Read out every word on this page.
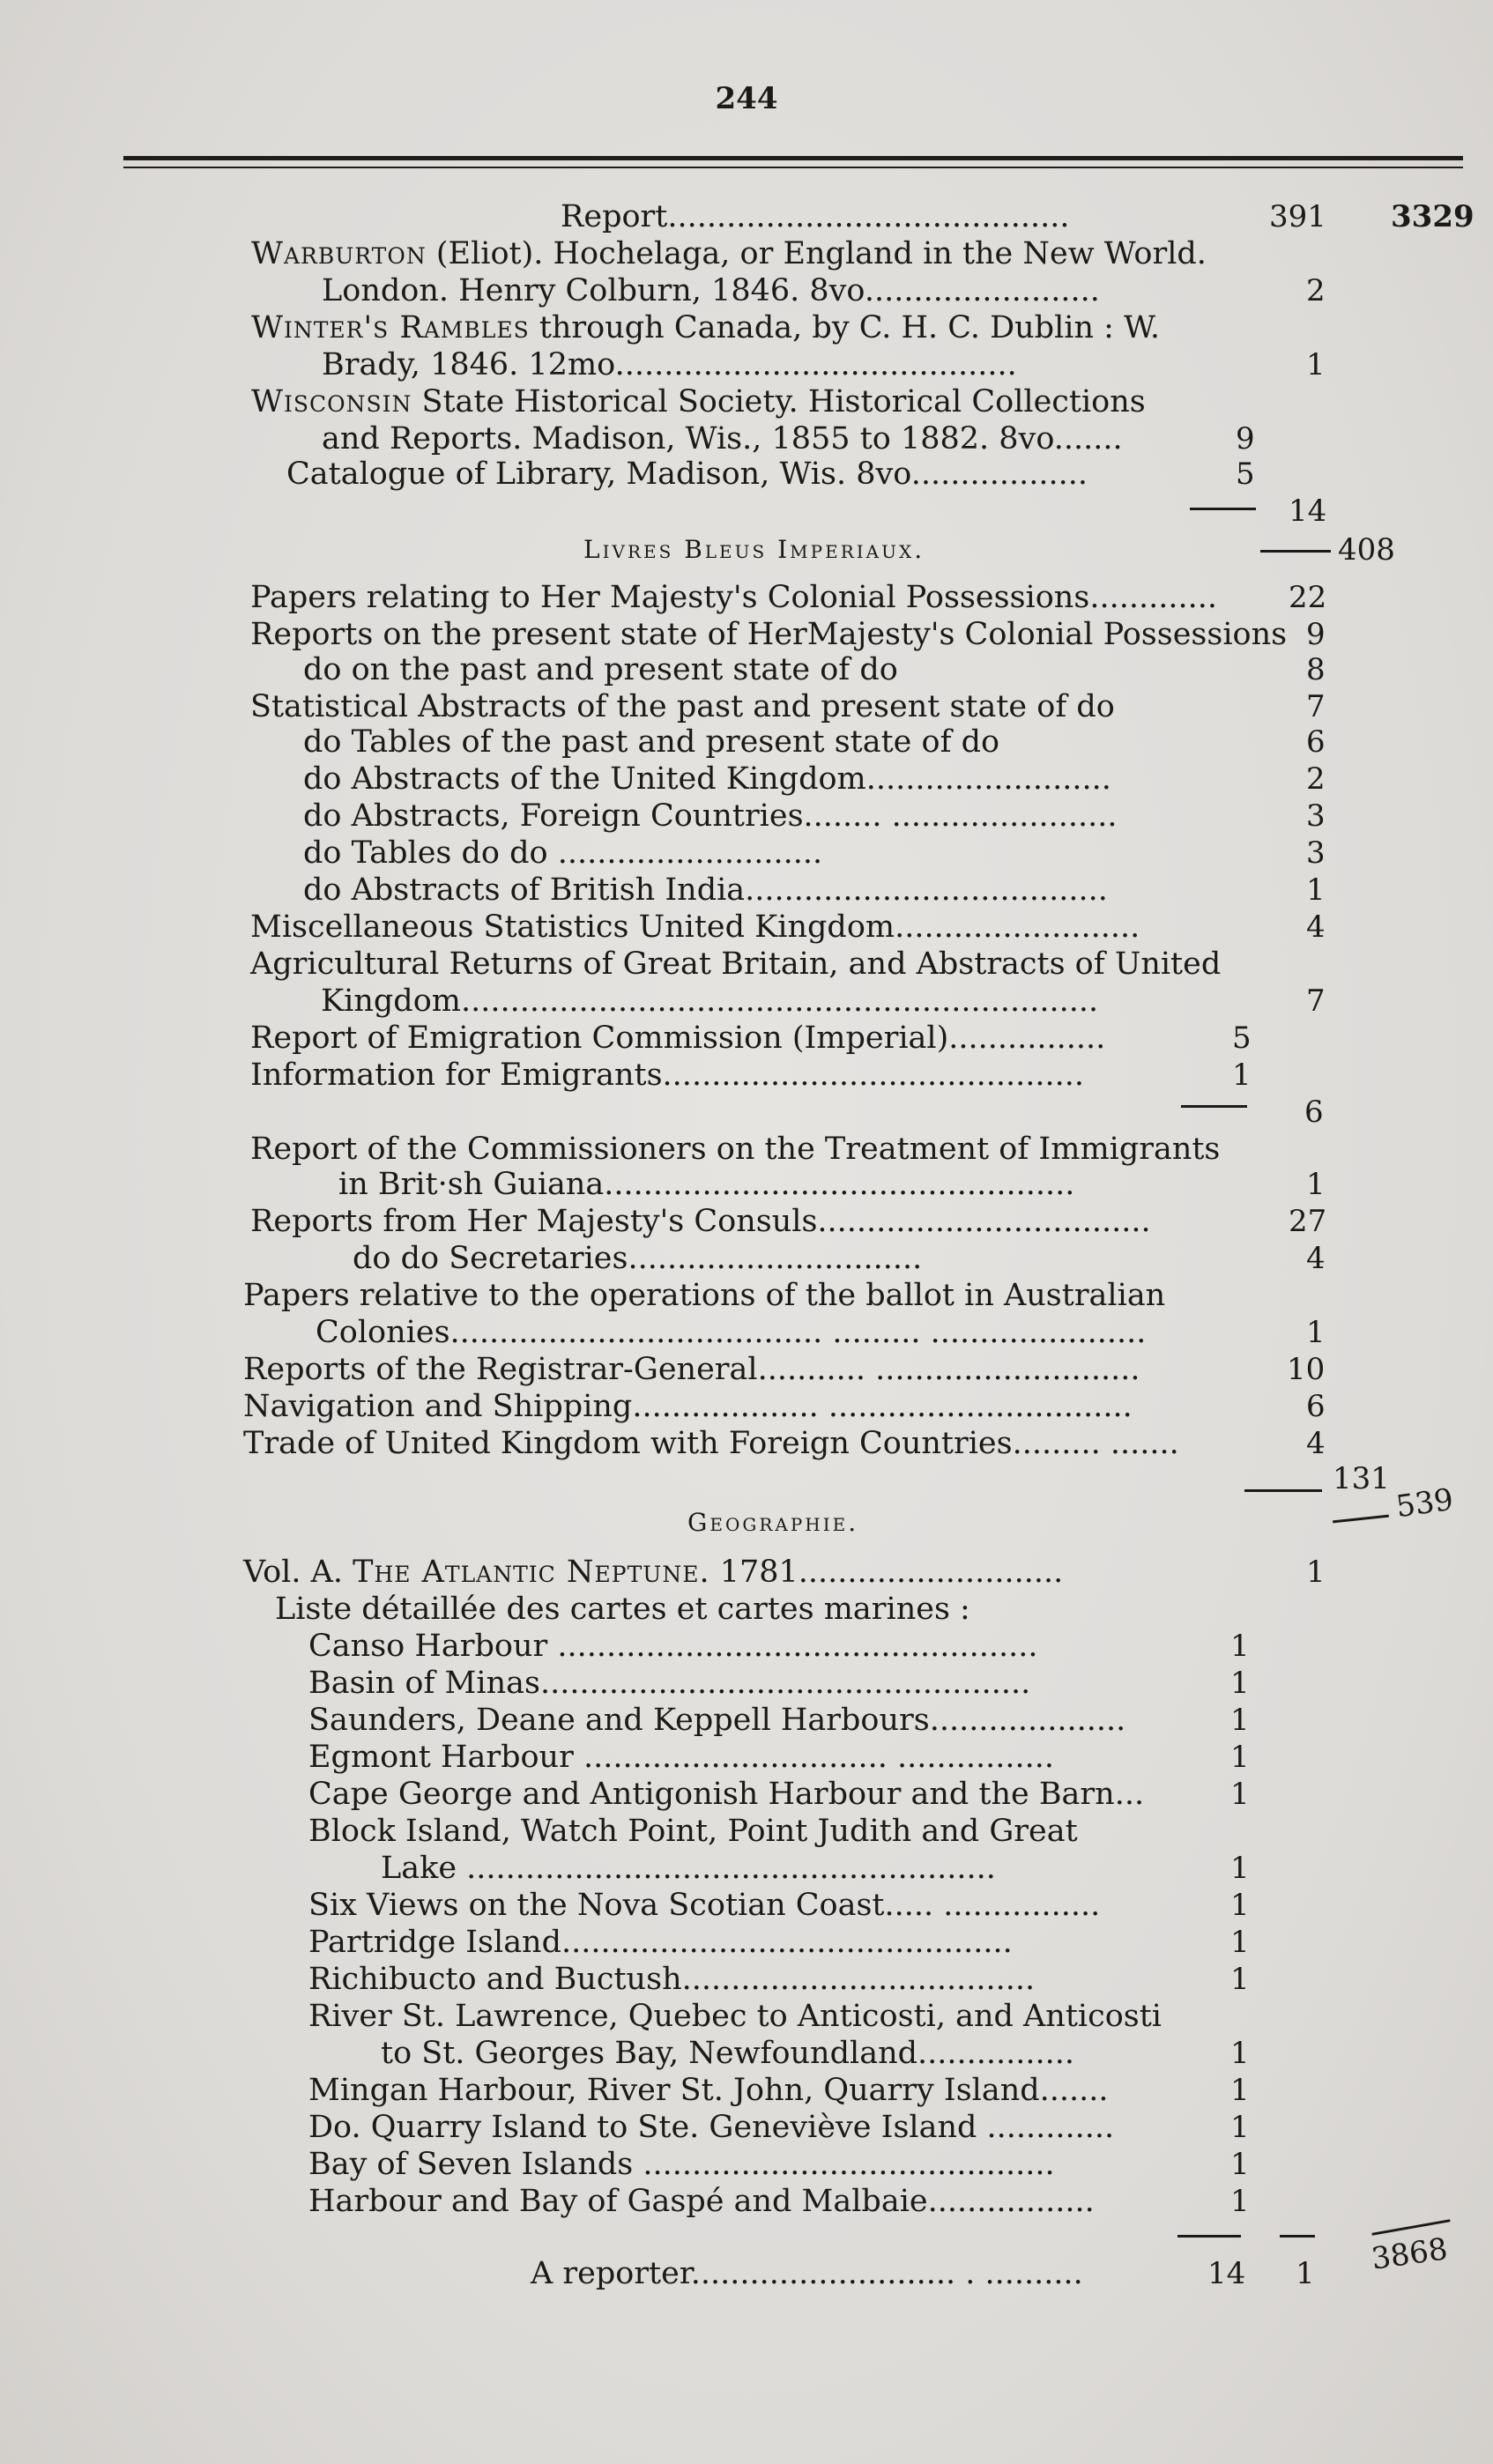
244
Report.........................................	391 3329
Warburton (Eliot). Hochelaga, or England in the New World.
London. Henry Colburn, 1846. 8vo........................	2
Winter's Rambles through Canada, by C. H. C. Dublin : W.
Brady, 1846. 12mo.........................................	1
Wisconsin State Historical Society. Historical Collections
and Reports. Madison, Wis., 1855 to 1882. 8vo.......	9
Catalogue of Library, Madison, Wis. 8vo..................	5
14
Livres Bleus Imperiaux.	408
Papers relating to Her Majesty's Colonial Possessions............. 22
Reports on the present state of HerMajesty's Colonial Possessions 9
do on the past and present state of do	8
Statistical Abstracts of the past and present state of do	7
do Tables of the past and present state of do	6
do Abstracts of the United Kingdom.........................	2
do Abstracts, Foreign Countries........ .......................	3
do Tables do do ...........................	3
do Abstracts of British India.....................................	1
Miscellaneous Statistics United Kingdom.........................	4
Agricultural Returns of Great Britain, and Abstracts of United
Kingdom.................................................................	7
Report of Emigration Commission (Imperial)................	5
Information for Emigrants...........................................	1
6
Report of the Commissioners on the Treatment of Immigrants
in Brit·sh Guiana................................................	1
Reports from Her Majesty's Consuls..................................	27
do do Secretaries..............................	4
Papers relative to the operations of the ballot in Australian
Colonies...................................... ......... ......................	1
Reports of the Registrar-General........... ...........................	10
Navigation and Shipping................... ...............................	6
Trade of United Kingdom with Foreign Countries......... .......	4
131
539
Geographie.
Vol. A. The Atlantic Neptune. 1781...........................	1
Liste détaillée des cartes et cartes marines :
Canso Harbour .................................................	1
Basin of Minas..................................................	1
Saunders, Deane and Keppell Harbours....................	1
Egmont Harbour ............................... ................	1
Cape George and Antigonish Harbour and the Barn...	1
Block Island, Watch Point, Point Judith and Great
Lake ......................................................	1
Six Views on the Nova Scotian Coast..... ................	1
Partridge Island..............................................	1
Richibucto and Buctush....................................	1
River St. Lawrence, Quebec to Anticosti, and Anticosti
to St. Georges Bay, Newfoundland................	1
Mingan Harbour, River St. John, Quarry Island.......	1
Do. Quarry Island to Ste. Geneviève Island .............	1
Bay of Seven Islands ..........................................	1
Harbour and Bay of Gaspé and Malbaie.................	1
A reporter........................... . ..........	14 1 3868
